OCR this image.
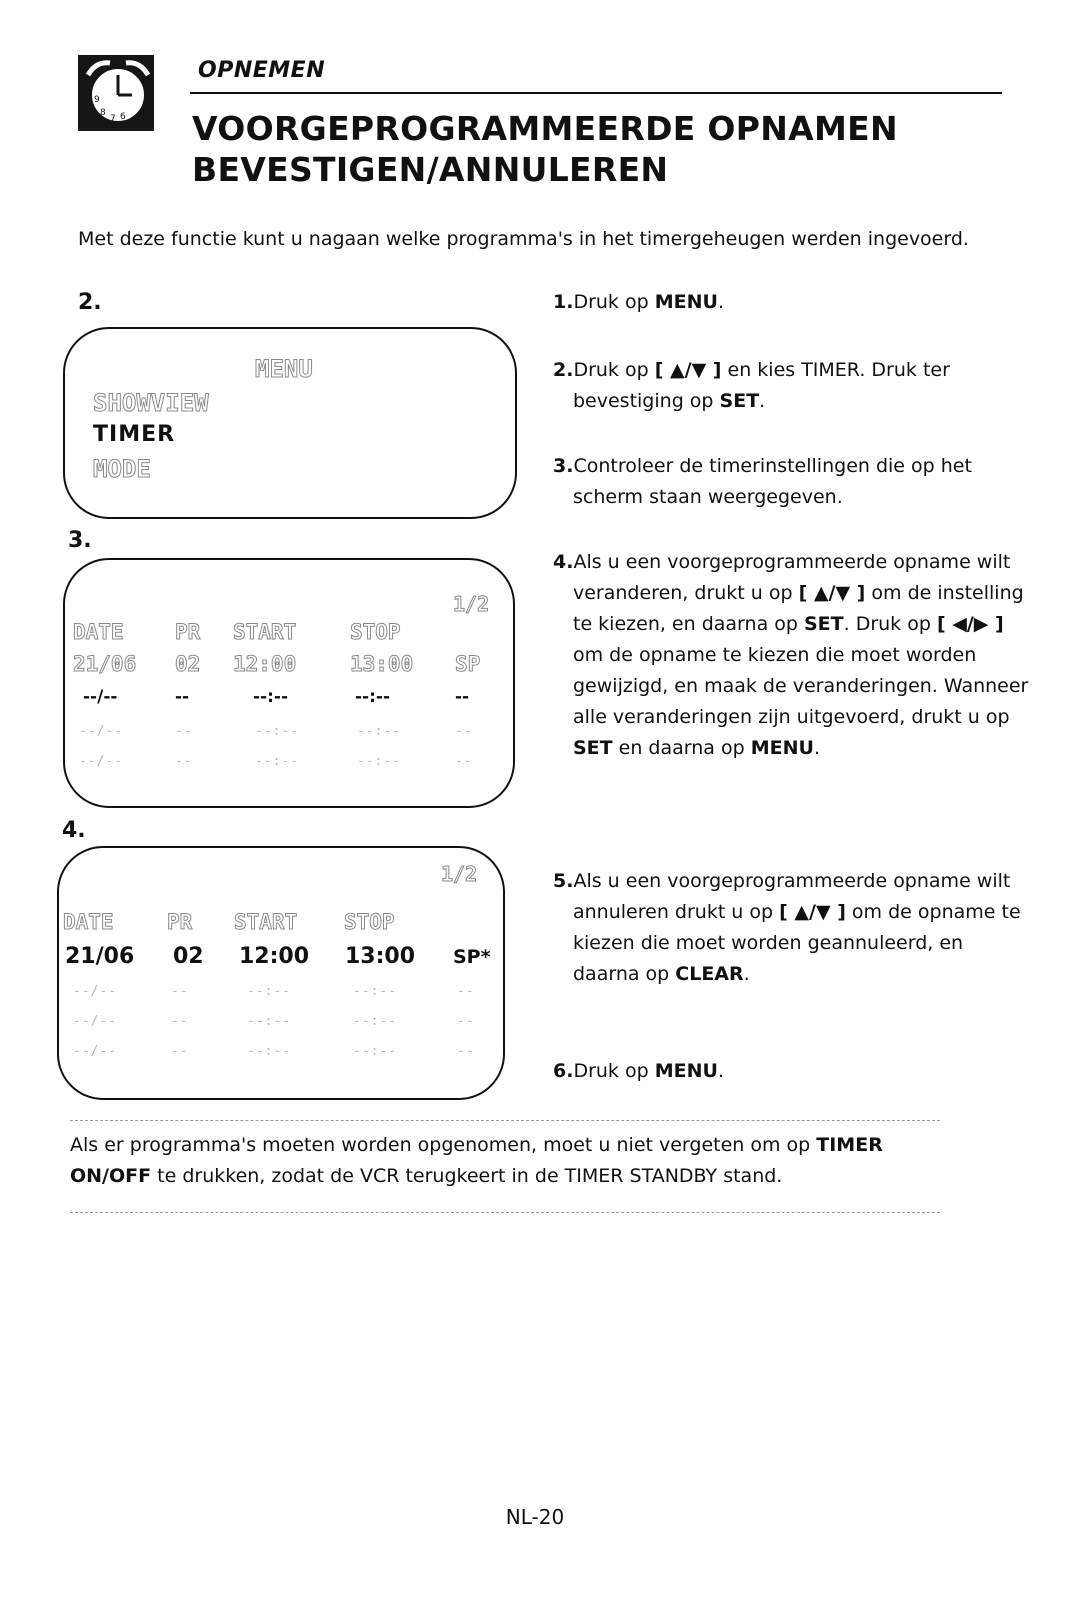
9
8
7 6
OPNEMEN
VOORGEPROGRAMMEERDE OPNAMEN
BEVESTIGEN/ANNULEREN
Met deze functie kunt u nagaan welke programma's in het timergeheugen werden ingevoerd.
2.
MENU
SHOWVIEW
TIMER
MODE
3.
1/2
DATE PR START	STOP
21/06 02 12:00	13:00 SP
--/--	--	--:--	--:--	--
--/--	--	--:--	--:--	--
--/--	--	--:--	--:--	--
4.
1/2
DATE	PR START STOP
21/06 02 12:00 13:00 SP*
--/--	--	--:--	--:--	--
--/--	--	--:--	--:--	--
--/--	--	--:--	--:--	--
1.Druk op MENU.
2.Druk op [ ▲/▼ ] en kies TIMER. Druk ter bevestiging op SET.
3.Controleer de timerinstellingen die op het scherm staan weergegeven.
4.Als u een voorgeprogrammeerde opname wilt veranderen, drukt u op [ ▲/▼ ] om de instelling te kiezen, en daarna op SET. Druk op [ ◀/▶ ] om de opname te kiezen die moet worden gewijzigd, en maak de veranderingen. Wanneer alle veranderingen zijn uitgevoerd, drukt u op SET en daarna op MENU.
5.Als u een voorgeprogrammeerde opname wilt annuleren drukt u op [ ▲/▼ ] om de opname te kiezen die moet worden geannuleerd, en daarna op CLEAR.
6.Druk op MENU.
Als er programma's moeten worden opgenomen, moet u niet vergeten om op TIMER ON/OFF te drukken, zodat de VCR terugkeert in de TIMER STANDBY stand.
NL-20
